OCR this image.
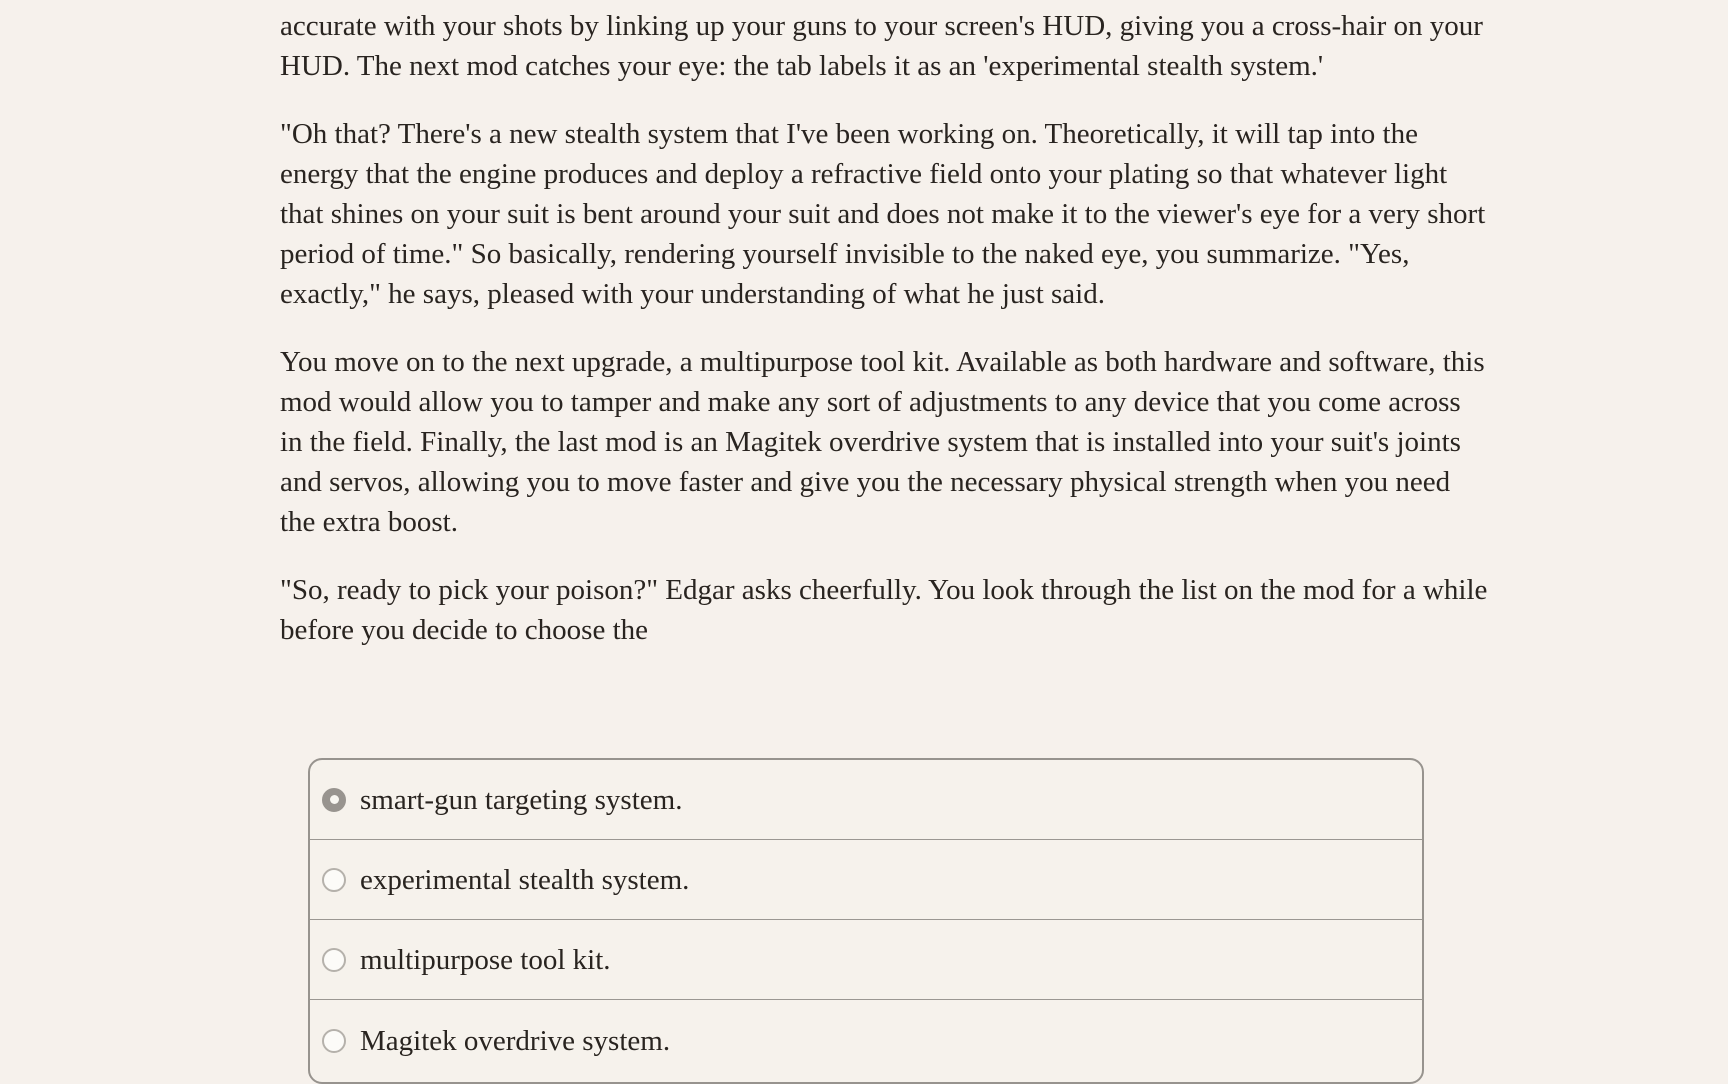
accurate with your shots by linking up your guns to your screen's HUD, giving you a cross-hair on your HUD. The next mod catches your eye: the tab labels it as an 'experimental stealth system.'

"Oh that? There's a new stealth system that I've been working on. Theoretically, it will tap into the energy that the engine produces and deploy a refractive field onto your plating so that whatever light that shines on your suit is bent around your suit and does not make it to the viewer's eye for a very short period of time." So basically, rendering yourself invisible to the naked eye, you summarize. "Yes, exactly," he says, pleased with your understanding of what he just said.

You move on to the next upgrade, a multipurpose tool kit. Available as both hardware and software, this mod would allow you to tamper and make any sort of adjustments to any device that you come across in the field. Finally, the last mod is an Magitek overdrive system that is installed into your suit's joints and servos, allowing you to move faster and give you the necessary physical strength when you need the extra boost.

"So, ready to pick your poison?" Edgar asks cheerfully. You look through the list on the mod for a while before you decide to choose the

smart-gun targeting system.
experimental stealth system.
multipurpose tool kit.
Magitek overdrive system.
